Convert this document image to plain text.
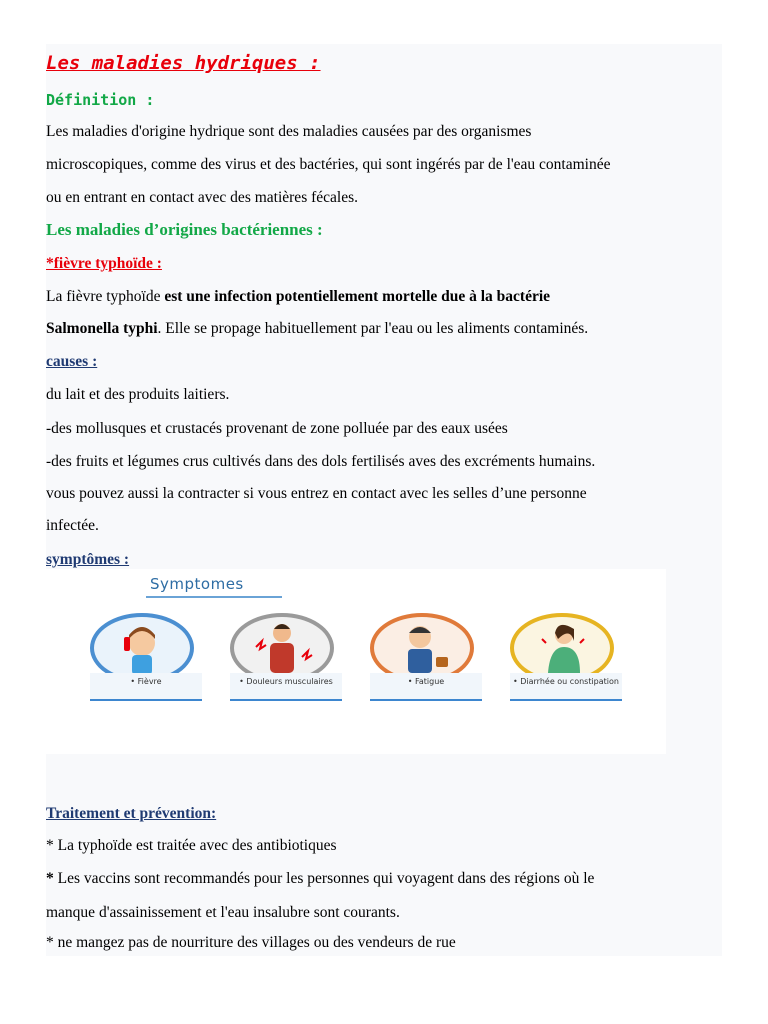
Les maladies hydriques :
Définition :
Les maladies d'origine hydrique sont des maladies causées par des organismes
microscopiques, comme des virus et des bactéries, qui sont ingérés par de l'eau contaminée
ou en entrant en contact avec des matières fécales.
Les maladies d’origines bactériennes :
*fièvre typhoïde :
La fièvre typhoïde est une infection potentiellement mortelle due à la bactérie
Salmonella typhi. Elle se propage habituellement par l'eau ou les aliments contaminés.
causes :
du lait et des produits laitiers.
-des mollusques et crustacés provenant de zone polluée par des eaux usées
-des fruits et légumes crus cultivés dans des dols fertilisés aves des excréments humains.
vous pouvez aussi la contracter si vous entrez en contact avec les selles d’une personne
infectée.
symptômes :
Symptomes
• Fièvre	• Douleurs musculaires	• Fatigue	• Diarrhée ou constipation
Traitement et prévention:
* La typhoïde est traitée avec des antibiotiques
* Les vaccins sont recommandés pour les personnes qui voyagent dans des régions où le
manque d'assainissement et l'eau insalubre sont courants.
* ne mangez pas de nourriture des villages ou des vendeurs de rue
